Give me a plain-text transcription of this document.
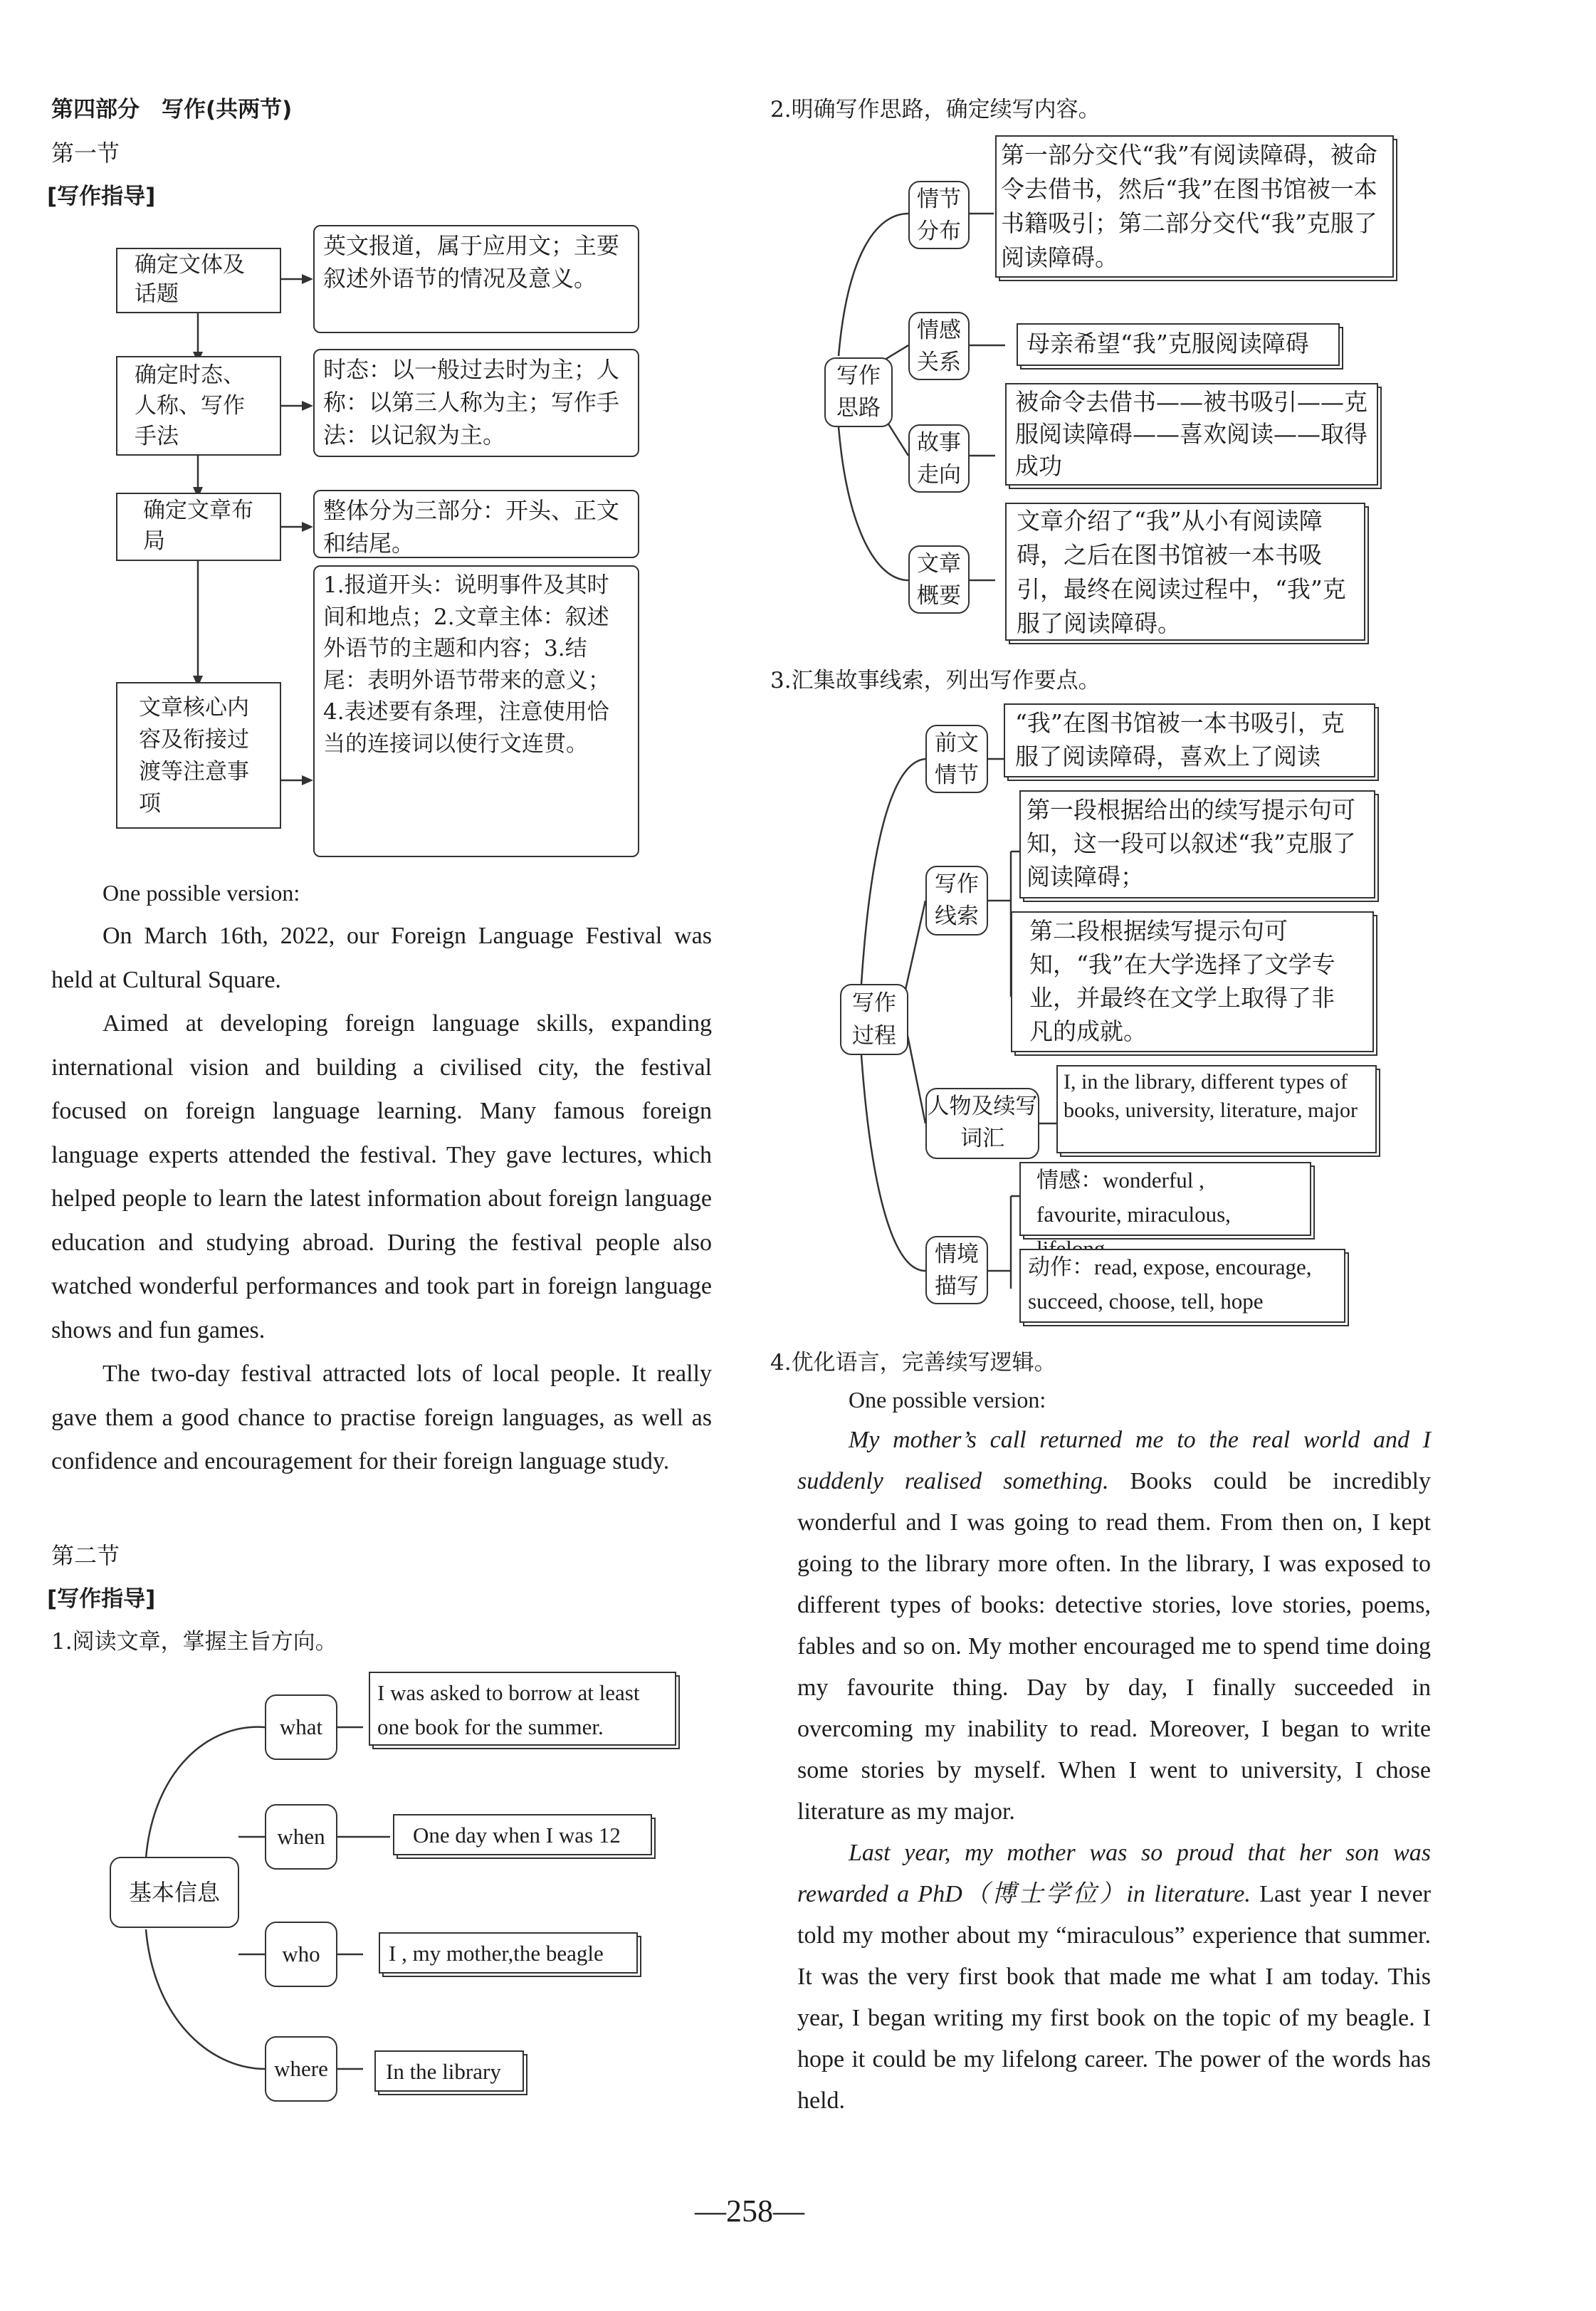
第四部分　写作(共两节)
第一节
[写作指导]
确定文体及话题
英文报道，属于应用文；主要叙述外语节的情况及意义。
确定时态、人称、写作手法
时态：以一般过去时为主；人称：以第三人称为主；写作手法：以记叙为主。
确定文章布局
整体分为三部分：开头、正文和结尾。
文章核心内容及衔接过渡等注意事项
1.报道开头：说明事件及其时间和地点；2.文章主体：叙述外语节的主题和内容；3.结尾：表明外语节带来的意义；4.表述要有条理，注意使用恰当的连接词以使行文连贯。
One possible version:

On March 16th, 2022, our Foreign Language Festival was held at Cultural Square.

Aimed at developing foreign language skills, expanding international vision and building a civilised city, the festival focused on foreign language learning. Many famous foreign language experts attended the festival. They gave lectures, which helped people to learn the latest information about foreign language education and studying abroad. During the festival people also watched wonderful performances and took part in foreign language shows and fun games.

The two-day festival attracted lots of local people. It really gave them a good chance to practise foreign languages, as well as confidence and encouragement for their foreign language study.

第二节
[写作指导]
1.阅读文章，掌握主旨方向。
基本信息
what
when
who
where
I was asked to borrow at least one book for the summer.
One day when I was 12
I , my mother,the beagle
In the library
2.明确写作思路，确定续写内容。
写作思路
情节分布
情感关系
故事走向
文章概要
第一部分交代“我”有阅读障碍，被命令去借书，然后“我”在图书馆被一本书籍吸引；第二部分交代“我”克服了阅读障碍。
母亲希望“我”克服阅读障碍
被命令去借书——被书吸引——克服阅读障碍——喜欢阅读——取得成功
文章介绍了“我”从小有阅读障碍，之后在图书馆被一本书吸引，最终在阅读过程中，“我”克服了阅读障碍。
3.汇集故事线索，列出写作要点。
写作过程
前文情节
写作线索
人物及续写词汇
情境描写
“我”在图书馆被一本书吸引，克服了阅读障碍，喜欢上了阅读
第一段根据给出的续写提示句可知，这一段可以叙述“我”克服了阅读障碍；
第二段根据续写提示句可知，“我”在大学选择了文学专业，并最终在文学上取得了非凡的成就。
I, in the library, different types of books, university, literature, major
情感：wonderful , favourite, miraculous,
动作：read, expose, encourage, succeed, choose, tell, hope
4.优化语言，完善续写逻辑。
One possible version:

My mother’s call returned me to the real world and I suddenly realised something. Books could be incredibly wonderful and I was going to read them. From then on, I kept going to the library more often. In the library, I was exposed to different types of books: detective stories, love stories, poems, fables and so on. My mother encouraged me to spend time doing my favourite thing. Day by day, I finally succeeded in overcoming my inability to read. Moreover, I began to write some stories by myself. When I went to university, I chose literature as my major.

Last year, my mother was so proud that her son was rewarded a PhD（博士学位）in literature. Last year I never told my mother about my “miraculous” experience that summer. It was the very first book that made me what I am today. This year, I began writing my first book on the topic of my beagle. I hope it could be my lifelong career. The power of the words has held.

—258—
